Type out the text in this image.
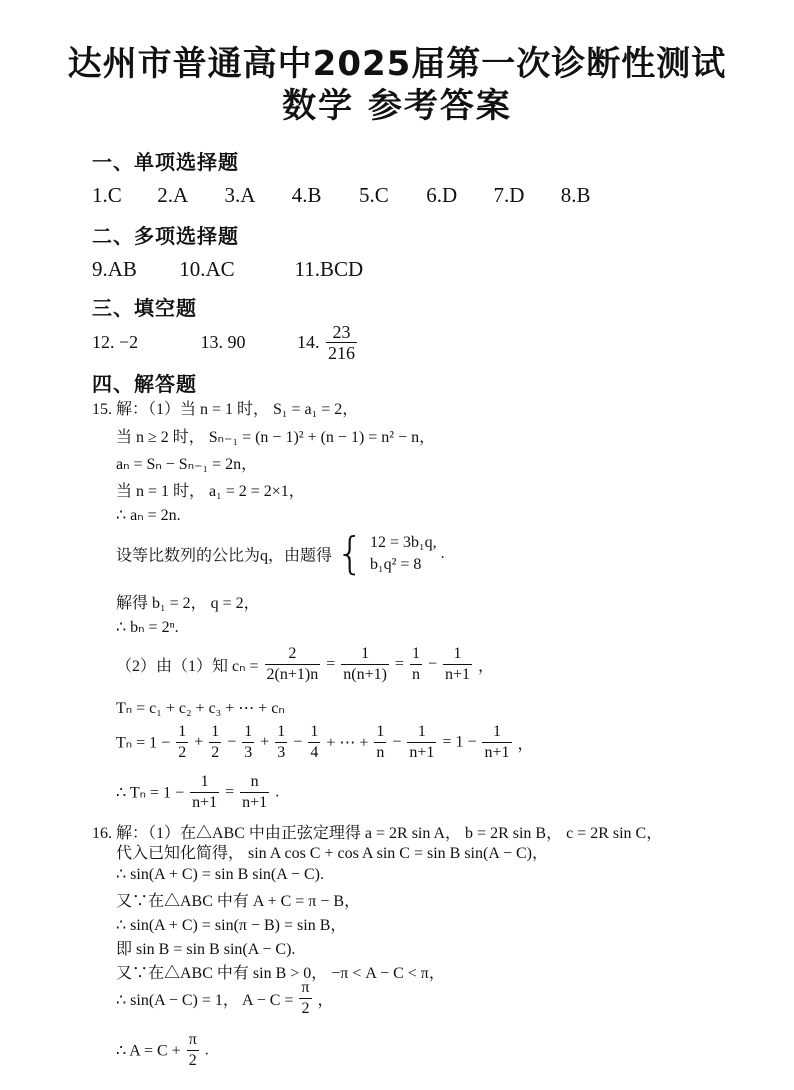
达州市普通高中2025届第一次诊断性测试
数学 参考答案
一、单项选择题
1.C 2.A 3.A 4.B 5.C 6.D 7.D 8.B
二、多项选择题
9.AB 10.AC	11.BCD
三、填空题
12. −2	13. 90	14. $\frac{23}{216}$
四、解答题
15. 解：（1）当 n = 1 时， S₁ = a₁ = 2，
当 n ≥ 2 时， Sₙ₋₁ = (n − 1)² + (n − 1) = n² − n，
aₙ = Sₙ − Sₙ₋₁ = 2n，
当 n = 1 时， a₁ = 2 = 2×1，
∴ aₙ = 2n.
设等比数列的公比为q，由题得 { 12 = 3b₁q,
b₁q² = 8
.
解得 b₁ = 2， q = 2，
∴ bₙ = 2ⁿ.
（2）由（1）知 $c_n = \frac{2}{2(n+1)n} = \frac{1}{n(n+1)} = \frac{1}{n} - \frac{1}{n+1}$ ，
Tₙ = c₁ + c₂ + c₃ + ⋯ + cₙ
$T_n = 1 - \frac{1}{2} + \frac{1}{2} - \frac{1}{3} + \frac{1}{3} - \frac{1}{4}$ + ⋯ + $\frac{1}{n} - \frac{1}{n+1} = 1 - \frac{1}{n+1}$ ，
∴ $T_n = 1 - \frac{1}{n+1} = \frac{n}{n+1}$ .
16. 解：（1）在△ABC 中由正弦定理得 a = 2R sin A， b = 2R sin B， c = 2R sin C，
代入已知化简得， sin A cos C + cos A sin C = sin B sin(A − C)，
∴ sin(A + C) = sin B sin(A − C).
又∵在△ABC 中有 A + C = π − B，
∴ sin(A + C) = sin(π − B) = sin B，
即 sin B = sin B sin(A − C).
又∵在△ABC 中有 sin B > 0， −π < A − C < π，
∴ sin(A − C) = 1， $A - C = \frac{\pi}{2}$ ，
∴ $A = C + \frac{\pi}{2}$ .
